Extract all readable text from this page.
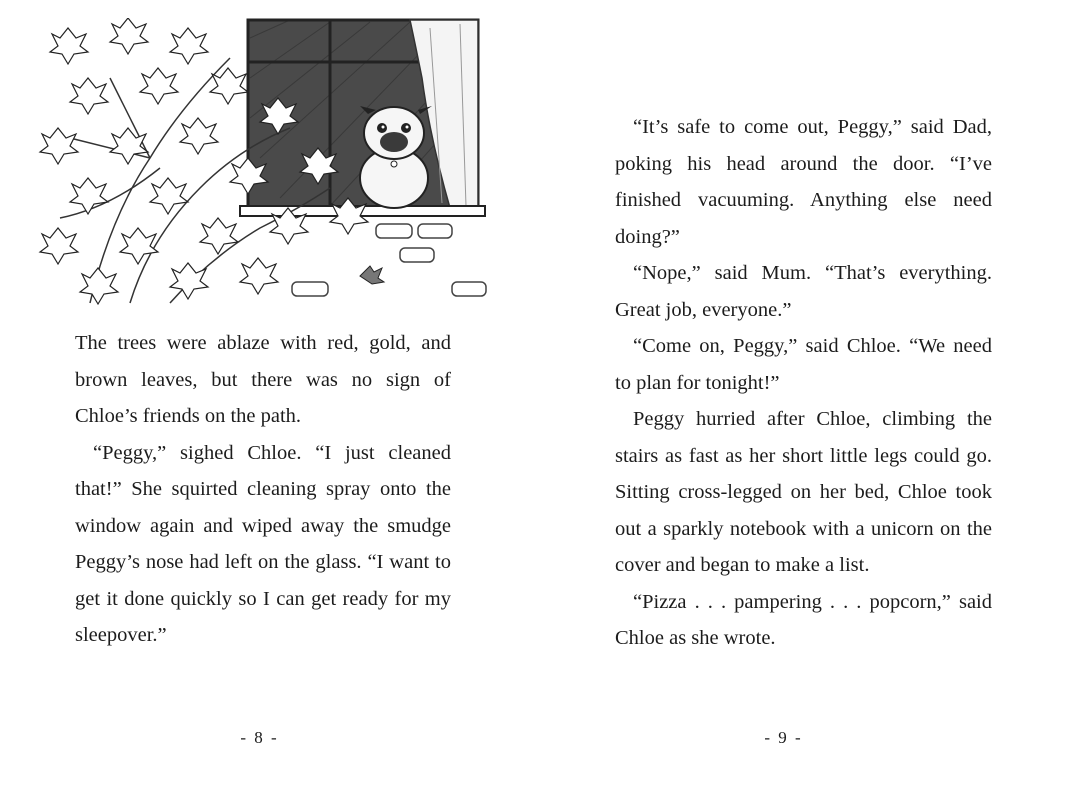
The trees were ablaze with red, gold, and brown leaves, but there was no sign of Chloe’s friends on the path.

“Peggy,” sighed Chloe. “I just cleaned that!” She squirted cleaning spray onto the window again and wiped away the smudge Peggy’s nose had left on the glass. “I want to get it done quickly so I can get ready for my sleepover.”

- 8 -

“It’s safe to come out, Peggy,” said Dad, poking his head around the door. “I’ve finished vacuuming. Anything else need doing?”

“Nope,” said Mum. “That’s everything. Great job, everyone.”

“Come on, Peggy,” said Chloe. “We need to plan for tonight!”

Peggy hurried after Chloe, climbing the stairs as fast as her short little legs could go. Sitting cross-legged on her bed, Chloe took out a sparkly notebook with a unicorn on the cover and began to make a list.

“Pizza . . . pampering . . . popcorn,” said Chloe as she wrote.

- 9 -
